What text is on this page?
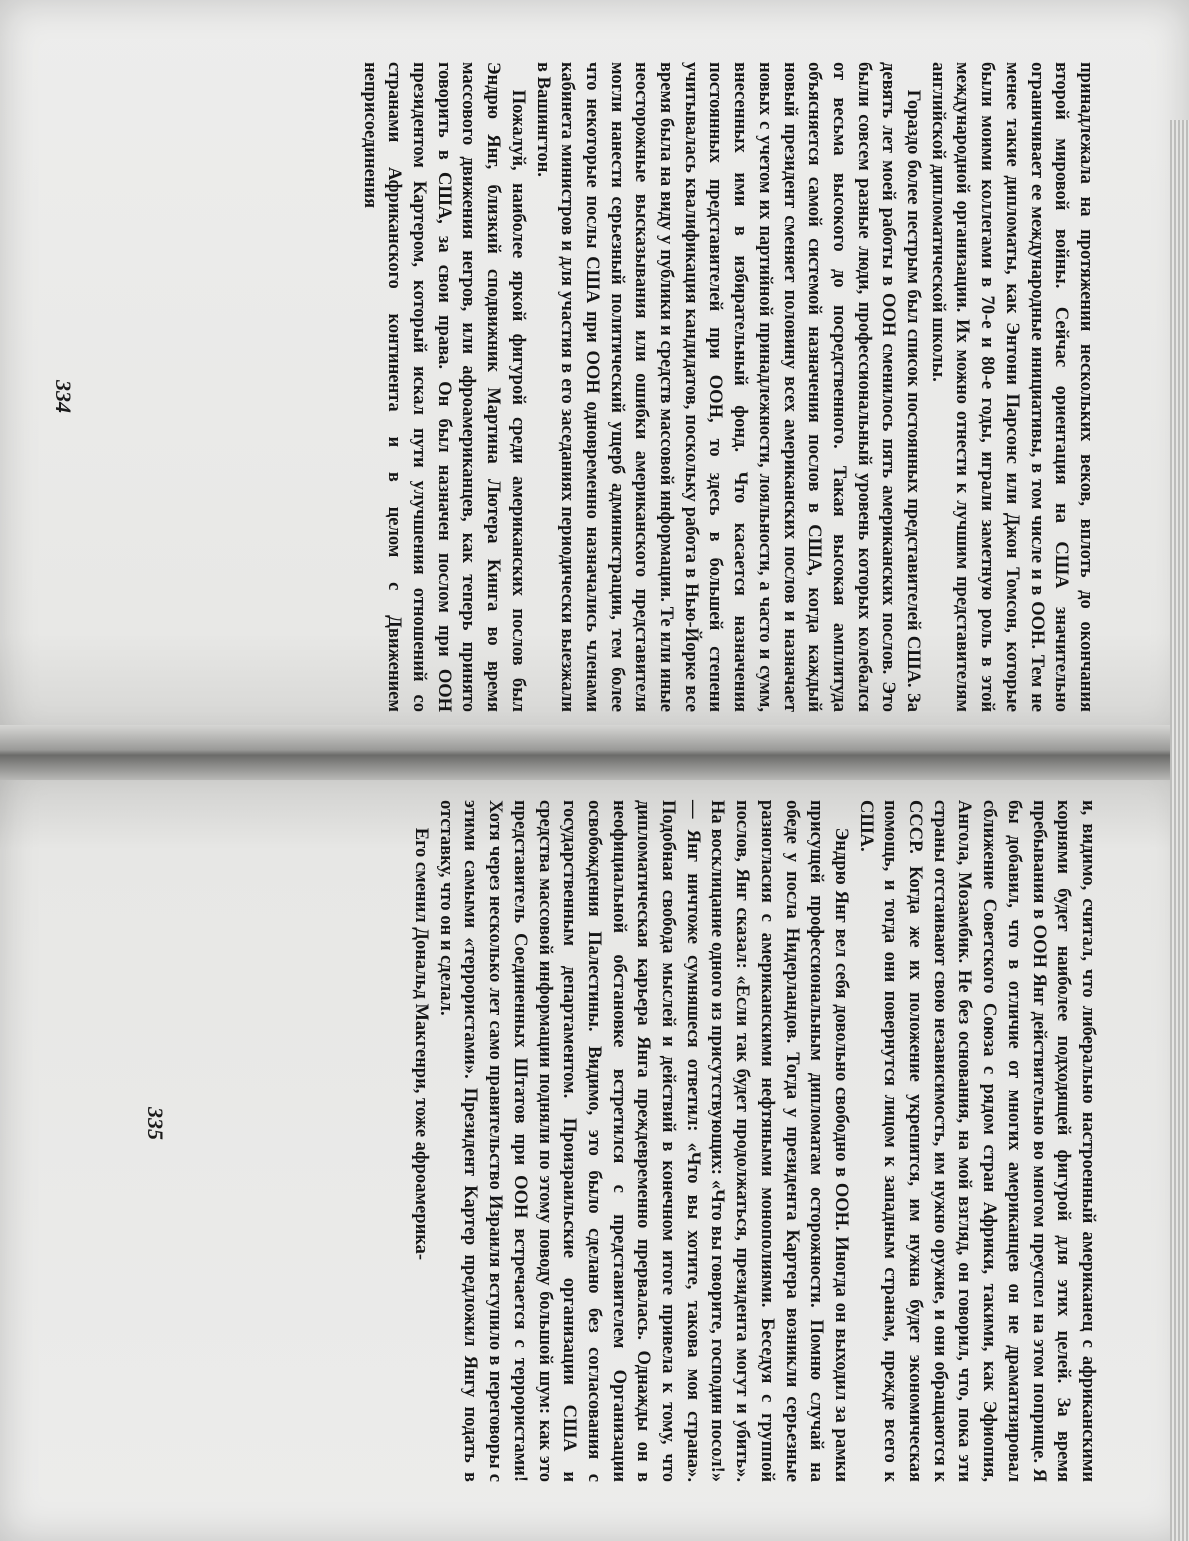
принадлежала на протяжении нескольких веков, вплоть до окончания второй мировой войны. Сейчас ориентация на США значительно ограничивает ее международные инициативы, в том числе и в ООН. Тем не менее такие дипломаты, как Энтони Парсонс или Джон Томсон, которые были моими коллегами в 70-е и 80-е годы, играли заметную роль в этой международной организации. Их можно отнести к лучшим представителям английской дипломатической школы.

Гораздо более пестрым был список постоянных представителей США. За девять лет моей работы в ООН сменилось пять американских послов. Это были совсем разные люди, профессиональный уровень которых колебался от весьма высокого до посредственного. Такая высокая амплитуда объясняется самой системой назначения послов в США, когда каждый новый президент сменяет половину всех американских послов и назначает новых с учетом их партийной принадлежности, лояльности, а часто и сумм, внесенных ими в избирательный фонд. Что касается назначения постоянных представителей при ООН, то здесь в большей степени учитывалась квалификация кандидатов, поскольку работа в Нью-Йорке все время была на виду у публики и средств массовой информации. Те или иные неосторожные высказывания или ошибки американского представителя могли нанести серьезный политический ущерб администрации, тем более что некоторые послы США при ООН одновременно назначались членами кабинета министров и для участия в его заседаниях периодически выезжали в Вашингтон.

Пожалуй, наиболее яркой фигурой среди американских послов был Эндрю Янг, близкий сподвижник Мартина Лютера Кинга во время массового движения негров, или афроамериканцев, как теперь принято говорить в США, за свои права. Он был назначен послом при ООН президентом Картером, который искал пути улучшения отношений со странами Африканского континента и в целом с Движением неприсоединения

334

и, видимо, считал, что либерально настроенный американец с африканскими корнями будет наиболее подходящей фигурой для этих целей. За время пребывания в ООН Янг действительно во многом преуспел на этом поприще. Я бы добавил, что в отличие от многих американцев он не драматизировал сближение Советского Союза с рядом стран Африки, такими, как Эфиопия, Ангола, Мозамбик. Не без основания, на мой взгляд, он говорил, что, пока эти страны отстаивают свою независимость, им нужно оружие, и они обращаются к СССР. Когда же их положение укрепится, им нужна будет экономическая помощь, и тогда они повернутся лицом к западным странам, прежде всего к США.

Эндрю Янг вел себя довольно свободно в ООН. Иногда он выходил за рамки присущей профессиональным дипломатам осторожности. Помню случай на обеде у посла Нидерландов. Тогда у президента Картера возникли серьезные разногласия с американскими нефтяными монополиями. Беседуя с группой послов, Янг сказал: «Если так будет продолжаться, президента могут и убить». На восклицание одного из присутствующих: «Что вы говорите, господин посол!» — Янг ничтоже сумняшеся ответил: «Что вы хотите, такова моя страна». Подобная свобода мыслей и действий в конечном итоге привела к тому, что дипломатическая карьера Янга преждевременно прервалась. Однажды он в неофициальной обстановке встретился с представителем Организации освобождения Палестины. Видимо, это было сделано без согласования с государственным департаментом. Произраильские организации США и средства массовой информации подняли по этому поводу большой шум: как это представитель Соединенных Штатов при ООН встречается с террористами! Хотя через несколько лет само правительство Израиля вступило в переговоры с этими самыми «террористами». Президент Картер предложил Янгу подать в отставку, что он и сделал.

Его сменил Дональд Макгенри, тоже афроамерика-

335
